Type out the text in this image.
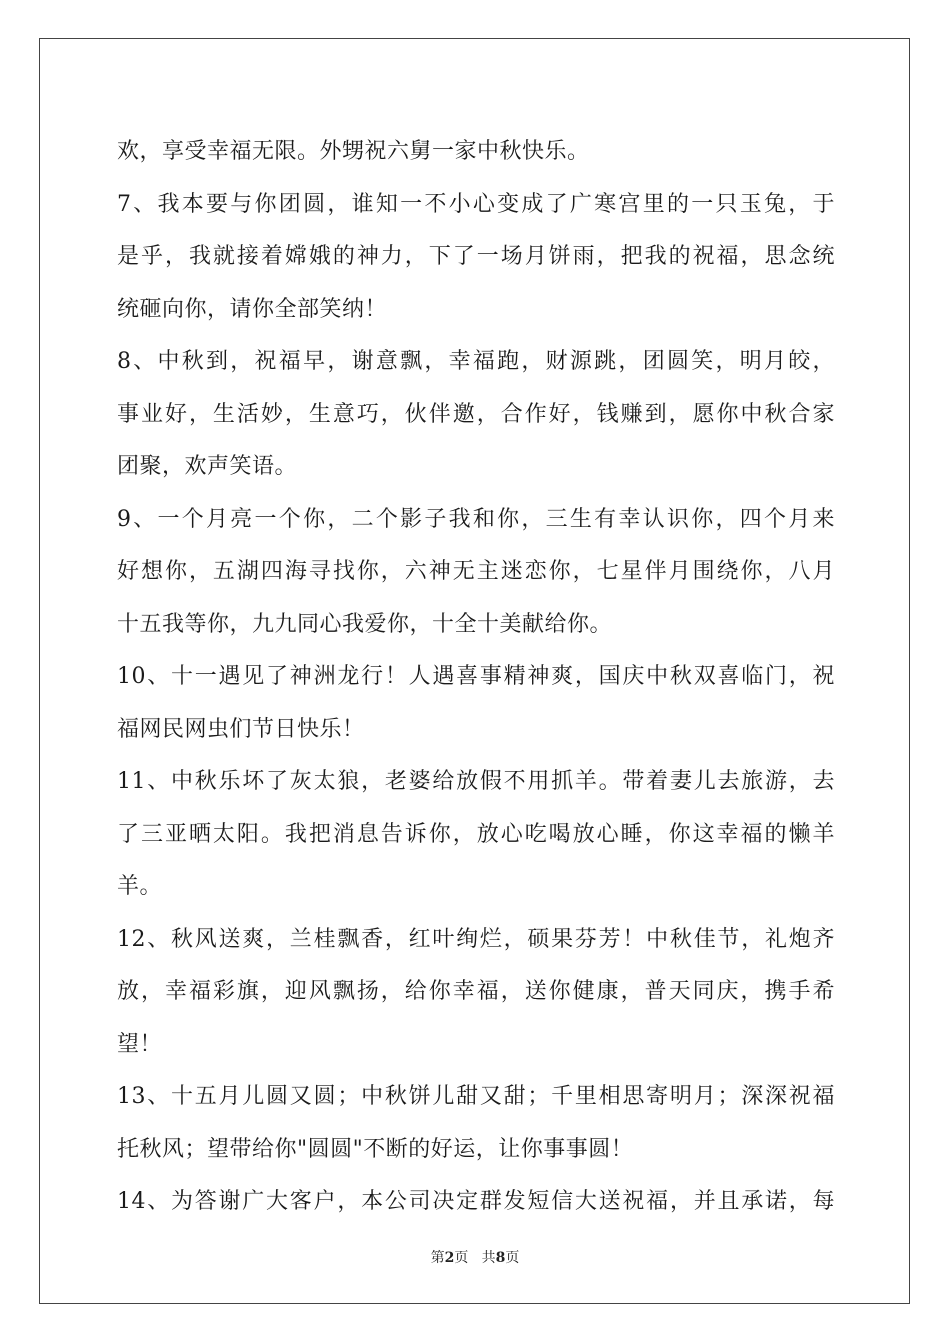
欢，享受幸福无限。外甥祝六舅一家中秋快乐。
7、我本要与你团圆，谁知一不小心变成了广寒宫里的一只玉兔，于
是乎，我就接着嫦娥的神力，下了一场月饼雨，把我的祝福，思念统
统砸向你，请你全部笑纳！
8、中秋到，祝福早，谢意飘，幸福跑，财源跳，团圆笑，明月皎，
事业好，生活妙，生意巧，伙伴邀，合作好，钱赚到，愿你中秋合家
团聚，欢声笑语。
9、一个月亮一个你，二个影子我和你，三生有幸认识你，四个月来
好想你，五湖四海寻找你，六神无主迷恋你，七星伴月围绕你，八月
十五我等你，九九同心我爱你，十全十美献给你。
10、十一遇见了神洲龙行！人遇喜事精神爽，国庆中秋双喜临门，祝
福网民网虫们节日快乐！
11、中秋乐坏了灰太狼，老婆给放假不用抓羊。带着妻儿去旅游，去
了三亚晒太阳。我把消息告诉你，放心吃喝放心睡，你这幸福的懒羊
羊。
12、秋风送爽，兰桂飘香，红叶绚烂，硕果芬芳！中秋佳节，礼炮齐
放，幸福彩旗，迎风飘扬，给你幸福，送你健康，普天同庆，携手希
望！
13、十五月儿圆又圆；中秋饼儿甜又甜；千里相思寄明月；深深祝福
托秋风；望带给你"圆圆"不断的好运，让你事事圆！
14、为答谢广大客户，本公司决定群发短信大送祝福，并且承诺，每
第2页   共8页
